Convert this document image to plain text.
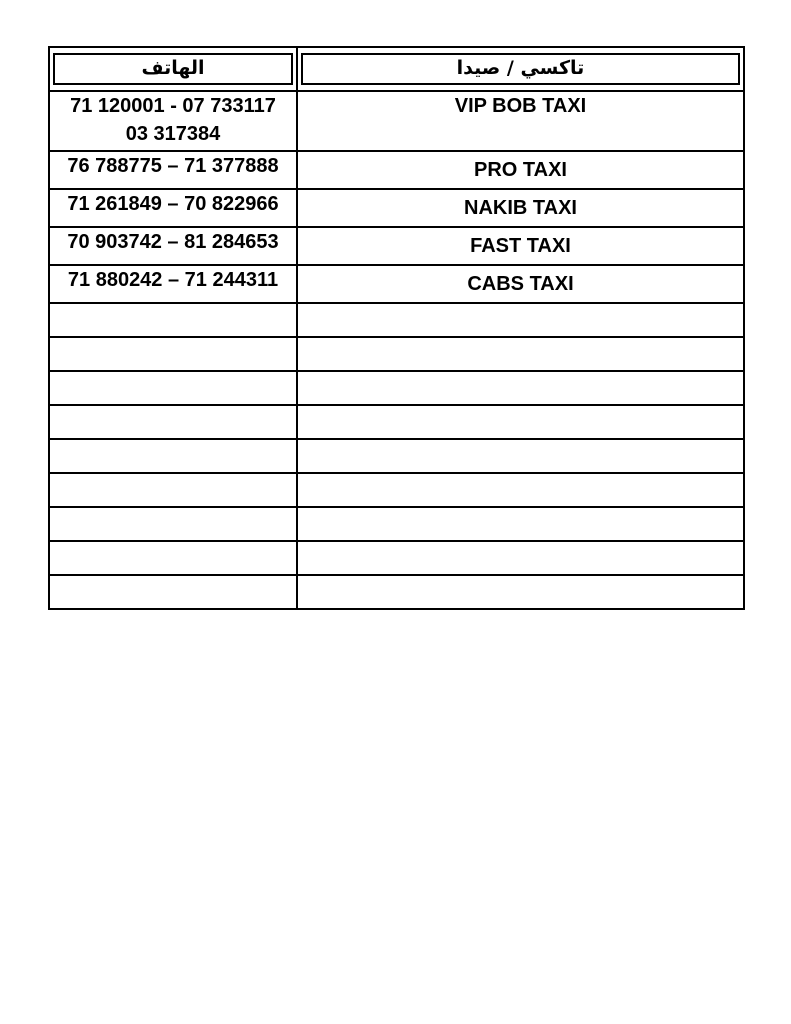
الهاتف	تاكسي / صيدا

71 120001 - 07 733117
03 317384	VIP BOB TAXI

76 788775 – 71 377888	PRO TAXI

71 261849 – 70 822966	NAKIB TAXI

70 903742 – 81 284653	FAST TAXI

71 880242 – 71 244311	CABS TAXI
